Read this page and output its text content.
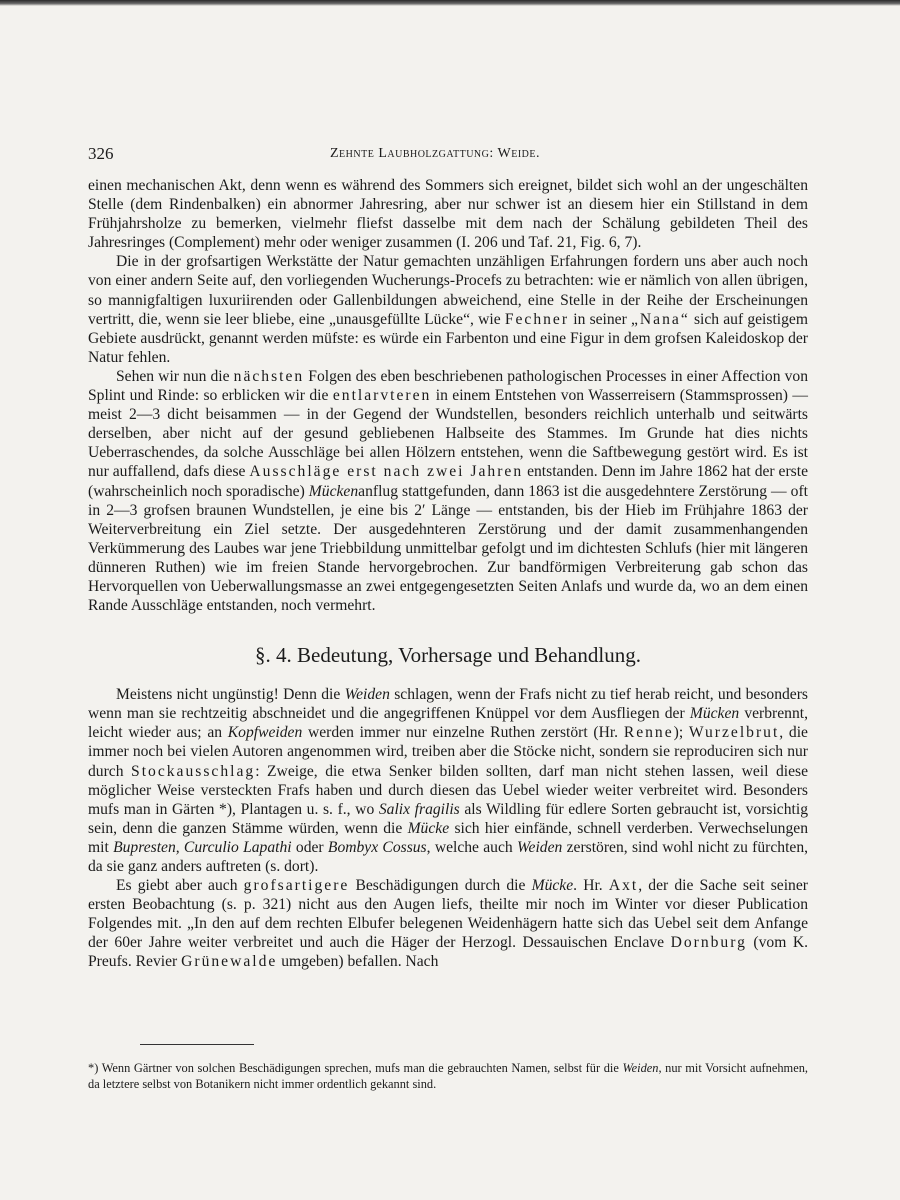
326	Zehnte Laubholzgattung: Weide.

einen mechanischen Akt, denn wenn es während des Sommers sich ereignet, bildet sich wohl an der ungeschälten Stelle (dem Rindenbalken) ein abnormer Jahresring, aber nur schwer ist an diesem hier ein Stillstand in dem Frühjahrsholze zu bemerken, vielmehr fliefst dasselbe mit dem nach der Schälung gebildeten Theil des Jahresringes (Complement) mehr oder weniger zusammen (I. 206 und Taf. 21, Fig. 6, 7).

Die in der grofsartigen Werkstätte der Natur gemachten unzähligen Erfahrungen fordern uns aber auch noch von einer andern Seite auf, den vorliegenden Wucherungs-Procefs zu betrachten: wie er nämlich von allen übrigen, so mannigfaltigen luxuriirenden oder Gallenbildungen abweichend, eine Stelle in der Reihe der Erscheinungen vertritt, die, wenn sie leer bliebe, eine „unausgefüllte Lücke“, wie Fechner in seiner „Nana“ sich auf geistigem Gebiete ausdrückt, genannt werden müfste: es würde ein Farbenton und eine Figur in dem grofsen Kaleidoskop der Natur fehlen.

Sehen wir nun die nächsten Folgen des eben beschriebenen pathologischen Processes in einer Affection von Splint und Rinde: so erblicken wir die entlarvteren in einem Entstehen von Wasserreisern (Stammsprossen) — meist 2—3 dicht beisammen — in der Gegend der Wundstellen, besonders reichlich unterhalb und seitwärts derselben, aber nicht auf der gesund gebliebenen Halbseite des Stammes. Im Grunde hat dies nichts Ueberraschendes, da solche Ausschläge bei allen Hölzern entstehen, wenn die Saftbewegung gestört wird. Es ist nur auffallend, dafs diese Ausschläge erst nach zwei Jahren entstanden. Denn im Jahre 1862 hat der erste (wahrscheinlich noch sporadische) Mückenanflug stattgefunden, dann 1863 ist die ausgedehntere Zerstörung — oft in 2—3 grofsen braunen Wundstellen, je eine bis 2′ Länge — entstanden, bis der Hieb im Frühjahre 1863 der Weiterverbreitung ein Ziel setzte. Der ausgedehnteren Zerstörung und der damit zusammenhangenden Verkümmerung des Laubes war jene Triebbildung unmittelbar gefolgt und im dichtesten Schlufs (hier mit längeren dünneren Ruthen) wie im freien Stande hervorgebrochen. Zur bandförmigen Verbreiterung gab schon das Hervorquellen von Ueberwallungsmasse an zwei entgegengesetzten Seiten Anlafs und wurde da, wo an dem einen Rande Ausschläge entstanden, noch vermehrt.

§. 4. Bedeutung, Vorhersage und Behandlung.

Meistens nicht ungünstig! Denn die Weiden schlagen, wenn der Frafs nicht zu tief herab reicht, und besonders wenn man sie rechtzeitig abschneidet und die angegriffenen Knüppel vor dem Ausfliegen der Mücken verbrennt, leicht wieder aus; an Kopfweiden werden immer nur einzelne Ruthen zerstört (Hr. Renne); Wurzelbrut, die immer noch bei vielen Autoren angenommen wird, treiben aber die Stöcke nicht, sondern sie reproduciren sich nur durch Stockausschlag: Zweige, die etwa Senker bilden sollten, darf man nicht stehen lassen, weil diese möglicher Weise versteckten Frafs haben und durch diesen das Uebel wieder weiter verbreitet wird. Besonders mufs man in Gärten *), Plantagen u. s. f., wo Salix fragilis als Wildling für edlere Sorten gebraucht ist, vorsichtig sein, denn die ganzen Stämme würden, wenn die Mücke sich hier einfände, schnell verderben. Verwechselungen mit Bupresten, Curculio Lapathi oder Bombyx Cossus, welche auch Weiden zerstören, sind wohl nicht zu fürchten, da sie ganz anders auftreten (s. dort).

Es giebt aber auch grofsartigere Beschädigungen durch die Mücke. Hr. Axt, der die Sache seit seiner ersten Beobachtung (s. p. 321) nicht aus den Augen liefs, theilte mir noch im Winter vor dieser Publication Folgendes mit. „In den auf dem rechten Elbufer belegenen Weidenhägern hatte sich das Uebel seit dem Anfange der 60er Jahre weiter verbreitet und auch die Häger der Herzogl. Dessauischen Enclave Dornburg (vom K. Preufs. Revier Grünewalde umgeben) befallen. Nach

*) Wenn Gärtner von solchen Beschädigungen sprechen, mufs man die gebrauchten Namen, selbst für die Weiden, nur mit Vorsicht aufnehmen, da letztere selbst von Botanikern nicht immer ordentlich gekannt sind.
